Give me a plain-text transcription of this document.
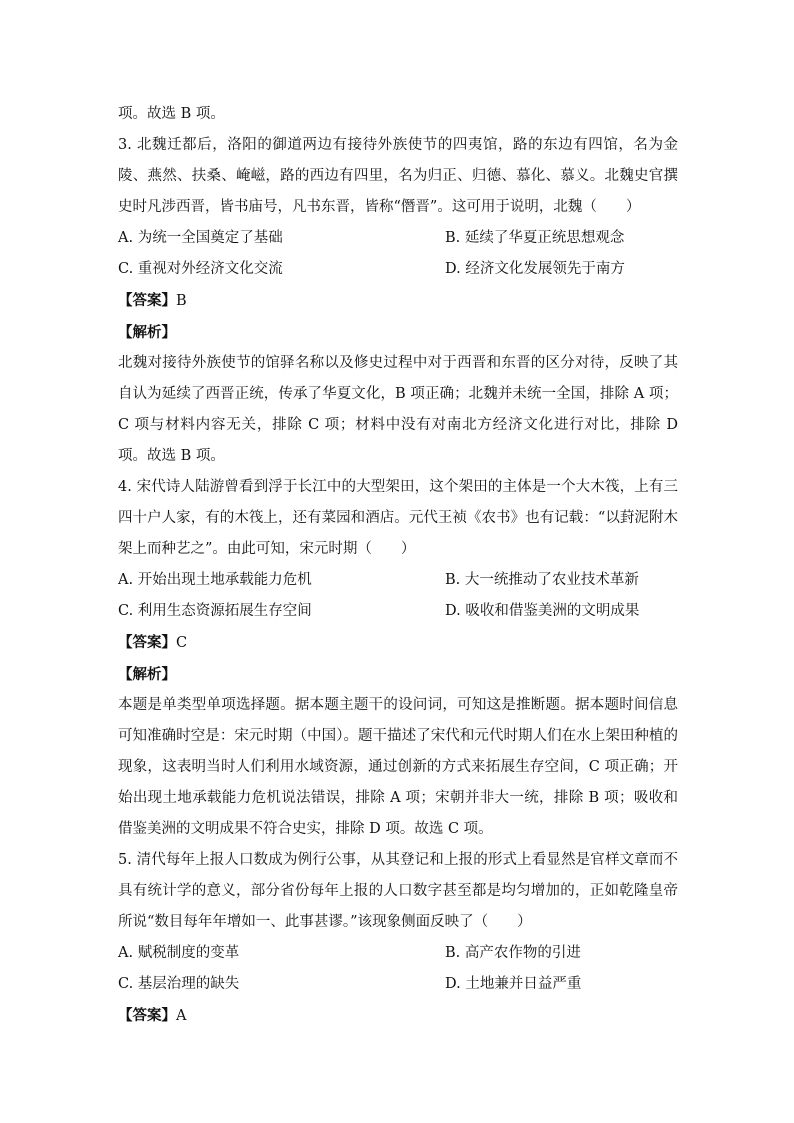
项。故选 B 项。

3. 北魏迁都后，洛阳的御道两边有接待外族使节的四夷馆，路的东边有四馆，名为金陵、燕然、扶桑、崦嵫，路的西边有四里，名为归正、归德、慕化、慕义。北魏史官撰史时凡涉西晋，皆书庙号，凡书东晋，皆称“僭晋”。这可用于说明，北魏（　　）

A. 为统一全国奠定了基础	B. 延续了华夏正统思想观念
C. 重视对外经济文化交流	D. 经济文化发展领先于南方

【答案】B

【解析】

北魏对接待外族使节的馆驿名称以及修史过程中对于西晋和东晋的区分对待，反映了其自认为延续了西晋正统，传承了华夏文化，B 项正确；北魏并未统一全国，排除 A 项；C 项与材料内容无关，排除 C 项；材料中没有对南北方经济文化进行对比，排除 D 项。故选 B 项。

4. 宋代诗人陆游曾看到浮于长江中的大型架田，这个架田的主体是一个大木筏，上有三四十户人家，有的木筏上，还有菜园和酒店。元代王祯《农书》也有记载：“以葑泥附木架上而种艺之”。由此可知，宋元时期（　　）

A. 开始出现土地承载能力危机	B. 大一统推动了农业技术革新
C. 利用生态资源拓展生存空间	D. 吸收和借鉴美洲的文明成果

【答案】C

【解析】

本题是单类型单项选择题。据本题主题干的设问词，可知这是推断题。据本题时间信息可知准确时空是：宋元时期（中国）。题干描述了宋代和元代时期人们在水上架田种植的现象，这表明当时人们利用水域资源，通过创新的方式来拓展生存空间，C 项正确；开始出现土地承载能力危机说法错误，排除 A 项；宋朝并非大一统，排除 B 项；吸收和借鉴美洲的文明成果不符合史实，排除 D 项。故选 C 项。

5. 清代每年上报人口数成为例行公事，从其登记和上报的形式上看显然是官样文章而不具有统计学的意义，部分省份每年上报的人口数字甚至都是均匀增加的，正如乾隆皇帝所说“数目每年年增如一、此事甚谬。”该现象侧面反映了（　　）

A. 赋税制度的变革	B. 高产农作物的引进
C. 基层治理的缺失	D. 土地兼并日益严重

【答案】A
